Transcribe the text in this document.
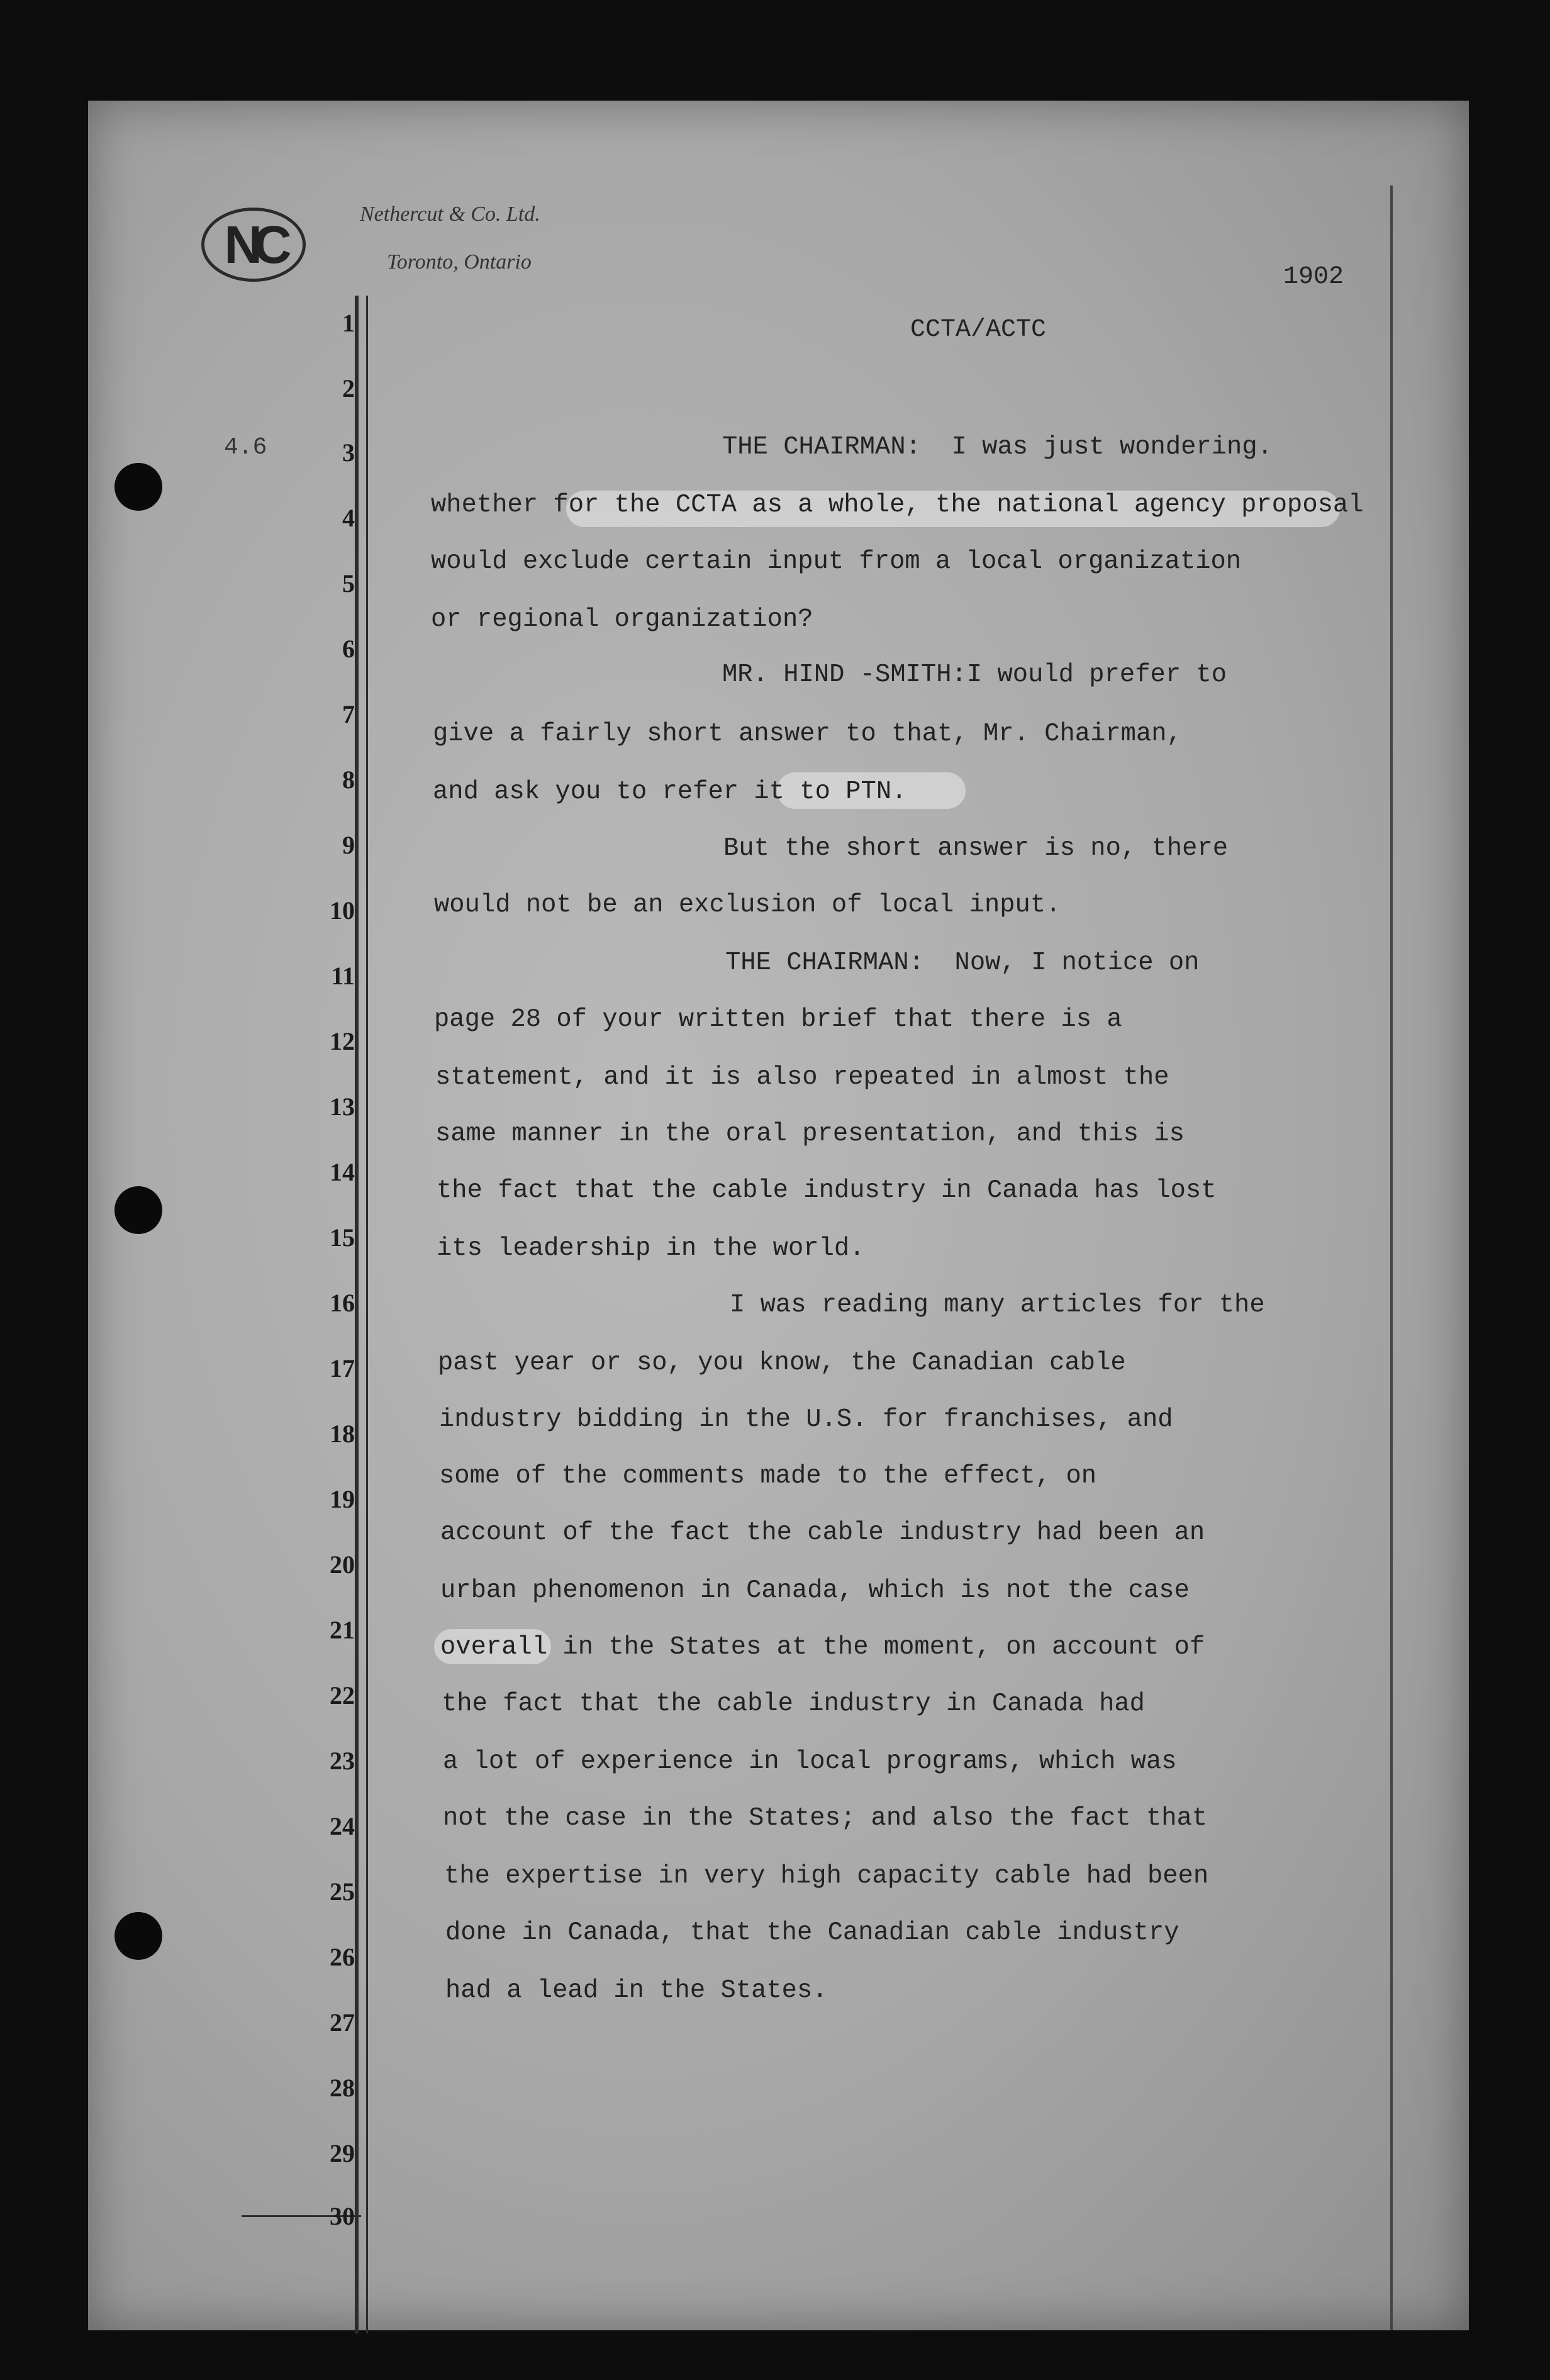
NC
Nethercut & Co. Ltd.
Toronto, Ontario
1902
4.6
CCTA/ACTC
1
2
3
4
5
6
7
8
9
10
11
12
13
14
15
16
17
18
19
20
21
22
23
24
25
26
27
28
29
30
THE CHAIRMAN:  I was just wondering.
whether for the CCTA as a whole, the national agency proposal
would exclude certain input from a local organization
or regional organization?
MR. HIND -SMITH:I would prefer to
give a fairly short answer to that, Mr. Chairman,
and ask you to refer it to PTN.
But the short answer is no, there
would not be an exclusion of local input.
THE CHAIRMAN:  Now, I notice on
page 28 of your written brief that there is a
statement, and it is also repeated in almost the
same manner in the oral presentation, and this is
the fact that the cable industry in Canada has lost
its leadership in the world.
I was reading many articles for the
past year or so, you know, the Canadian cable
industry bidding in the U.S. for franchises, and
some of the comments made to the effect, on
account of the fact the cable industry had been an
urban phenomenon in Canada, which is not the case
overall in the States at the moment, on account of
the fact that the cable industry in Canada had
a lot of experience in local programs, which was
not the case in the States; and also the fact that
the expertise in very high capacity cable had been
done in Canada, that the Canadian cable industry
had a lead in the States.
